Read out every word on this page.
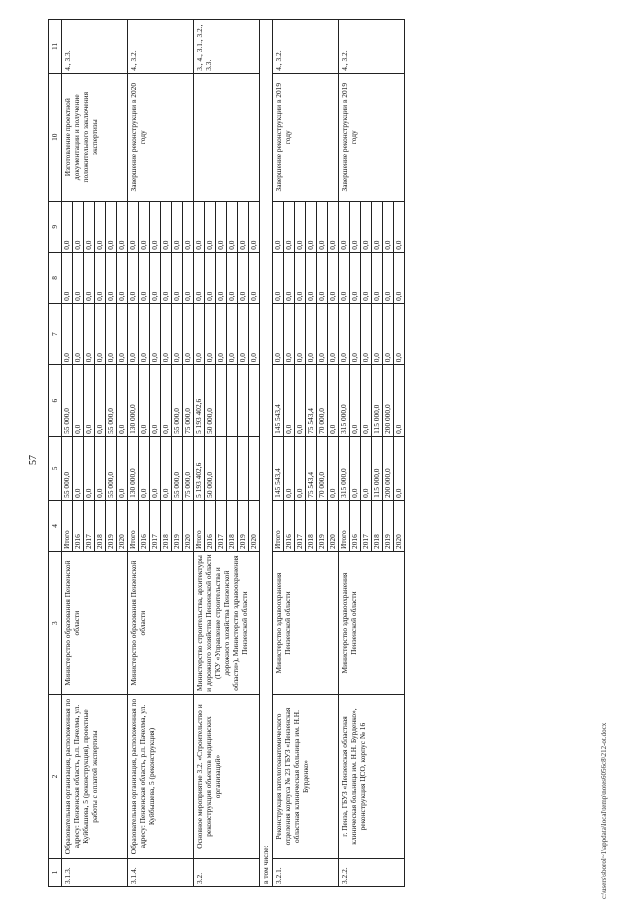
57
1	2	3	4	5	6	7	8	9	10	11
3.1.3.	Образовательная организация, расположенная по адресу: Пензенская область, р.п. Пачелма, ул. Куйбышева, 5 (реконструкция), проектные работы с оплатой экспертизы	Министерство образования Пензенской области	Итого	55 000,0	55 000,0	0,0	0,0	0,0	Изготовление проектной документации и получение положительного заключения экспертизы	4., 3.3.
			2016	0,0	0,0	0,0	0,0	0,0		
			2017	0,0	0,0	0,0	0,0	0,0		
			2018	0,0	0,0	0,0	0,0	0,0		
			2019	55 000,0	55 000,0	0,0	0,0	0,0		
			2020	0,0	0,0	0,0	0,0	0,0		
3.1.4.	Образовательная организация, расположенная по адресу: Пензенская область, р.п. Пачелма, ул. Куйбышева, 5 (реконструкция)	Министерство образования Пензенской области	Итого	130 000,0	130 000,0	0,0	0,0	0,0	Завершение реконструкции в 2020 году	4., 3.2.
			2016	0,0	0,0	0,0	0,0	0,0		
			2017	0,0	0,0	0,0	0,0	0,0		
			2018	0,0	0,0	0,0	0,0	0,0		
			2019	55 000,0	55 000,0	0,0	0,0	0,0		
			2020	75 000,0	75 000,0	0,0	0,0	0,0		
3.2.	Основное мероприятие 3.2. «Строительство и реконструкция объектов медицинских организаций»	Министерство строительства, архитектуры и дорожного хозяйства Пензенской области (ГКУ «Управление строительства и дорожного хозяйства Пензенской области»), Министерство здравоохранения Пензенской области	Итого	5 193 402,6	5 193 402,6	0,0	0,0	0,0		3., 4., 3.1., 3.2., 3.3.
			2016	50 000,0	50 000,0	0,0	0,0	0,0		
			2017			0,0	0,0	0,0		
			2018			0,0	0,0	0,0		
			2019			0,0	0,0	0,0		
			2020			0,0	0,0	0,0		
в том числе:										
3.2.1.	Реконструкция патологоанатомического отделения корпуса № 23 ГБУЗ «Пензенская областная клиническая больница им. Н.Н. Бурденко»	Министерство здравоохранения Пензенской области	Итого	145 543,4	145 543,4	0,0	0,0	0,0	Завершение реконструкции в 2019 году	4., 3.2.
			2016	0,0	0,0	0,0	0,0	0,0		
			2017	0,0	0,0	0,0	0,0	0,0		
			2018	75 543,4	75 543,4	0,0	0,0	0,0		
			2019	70 000,0	70 000,0	0,0	0,0	0,0		
			2020	0,0	0,0	0,0	0,0	0,0		
3.2.2.	г. Пенза, ГБУЗ «Пензенская областная клиническая больница им. Н.Н. Бурденко», реконструкция ЦСО, корпус № 16	Министерство здравоохранения Пензенской области	Итого	315 000,0	315 000,0	0,0	0,0	0,0	Завершение реконструкции в 2019 году	4., 3.2.
			2016	0,0	0,0	0,0	0,0	0,0		
			2017	0,0	0,0	0,0	0,0	0,0		
			2018	115 000,0	115 000,0	0,0	0,0	0,0		
			2019	200 000,0	200 000,0	0,0	0,0	0,0		
			2020	0,0	0,0	0,0	0,0	0,0		
c:\users\sborol~1\appdata\local\temp\notes6056c8\212-ot.docx
